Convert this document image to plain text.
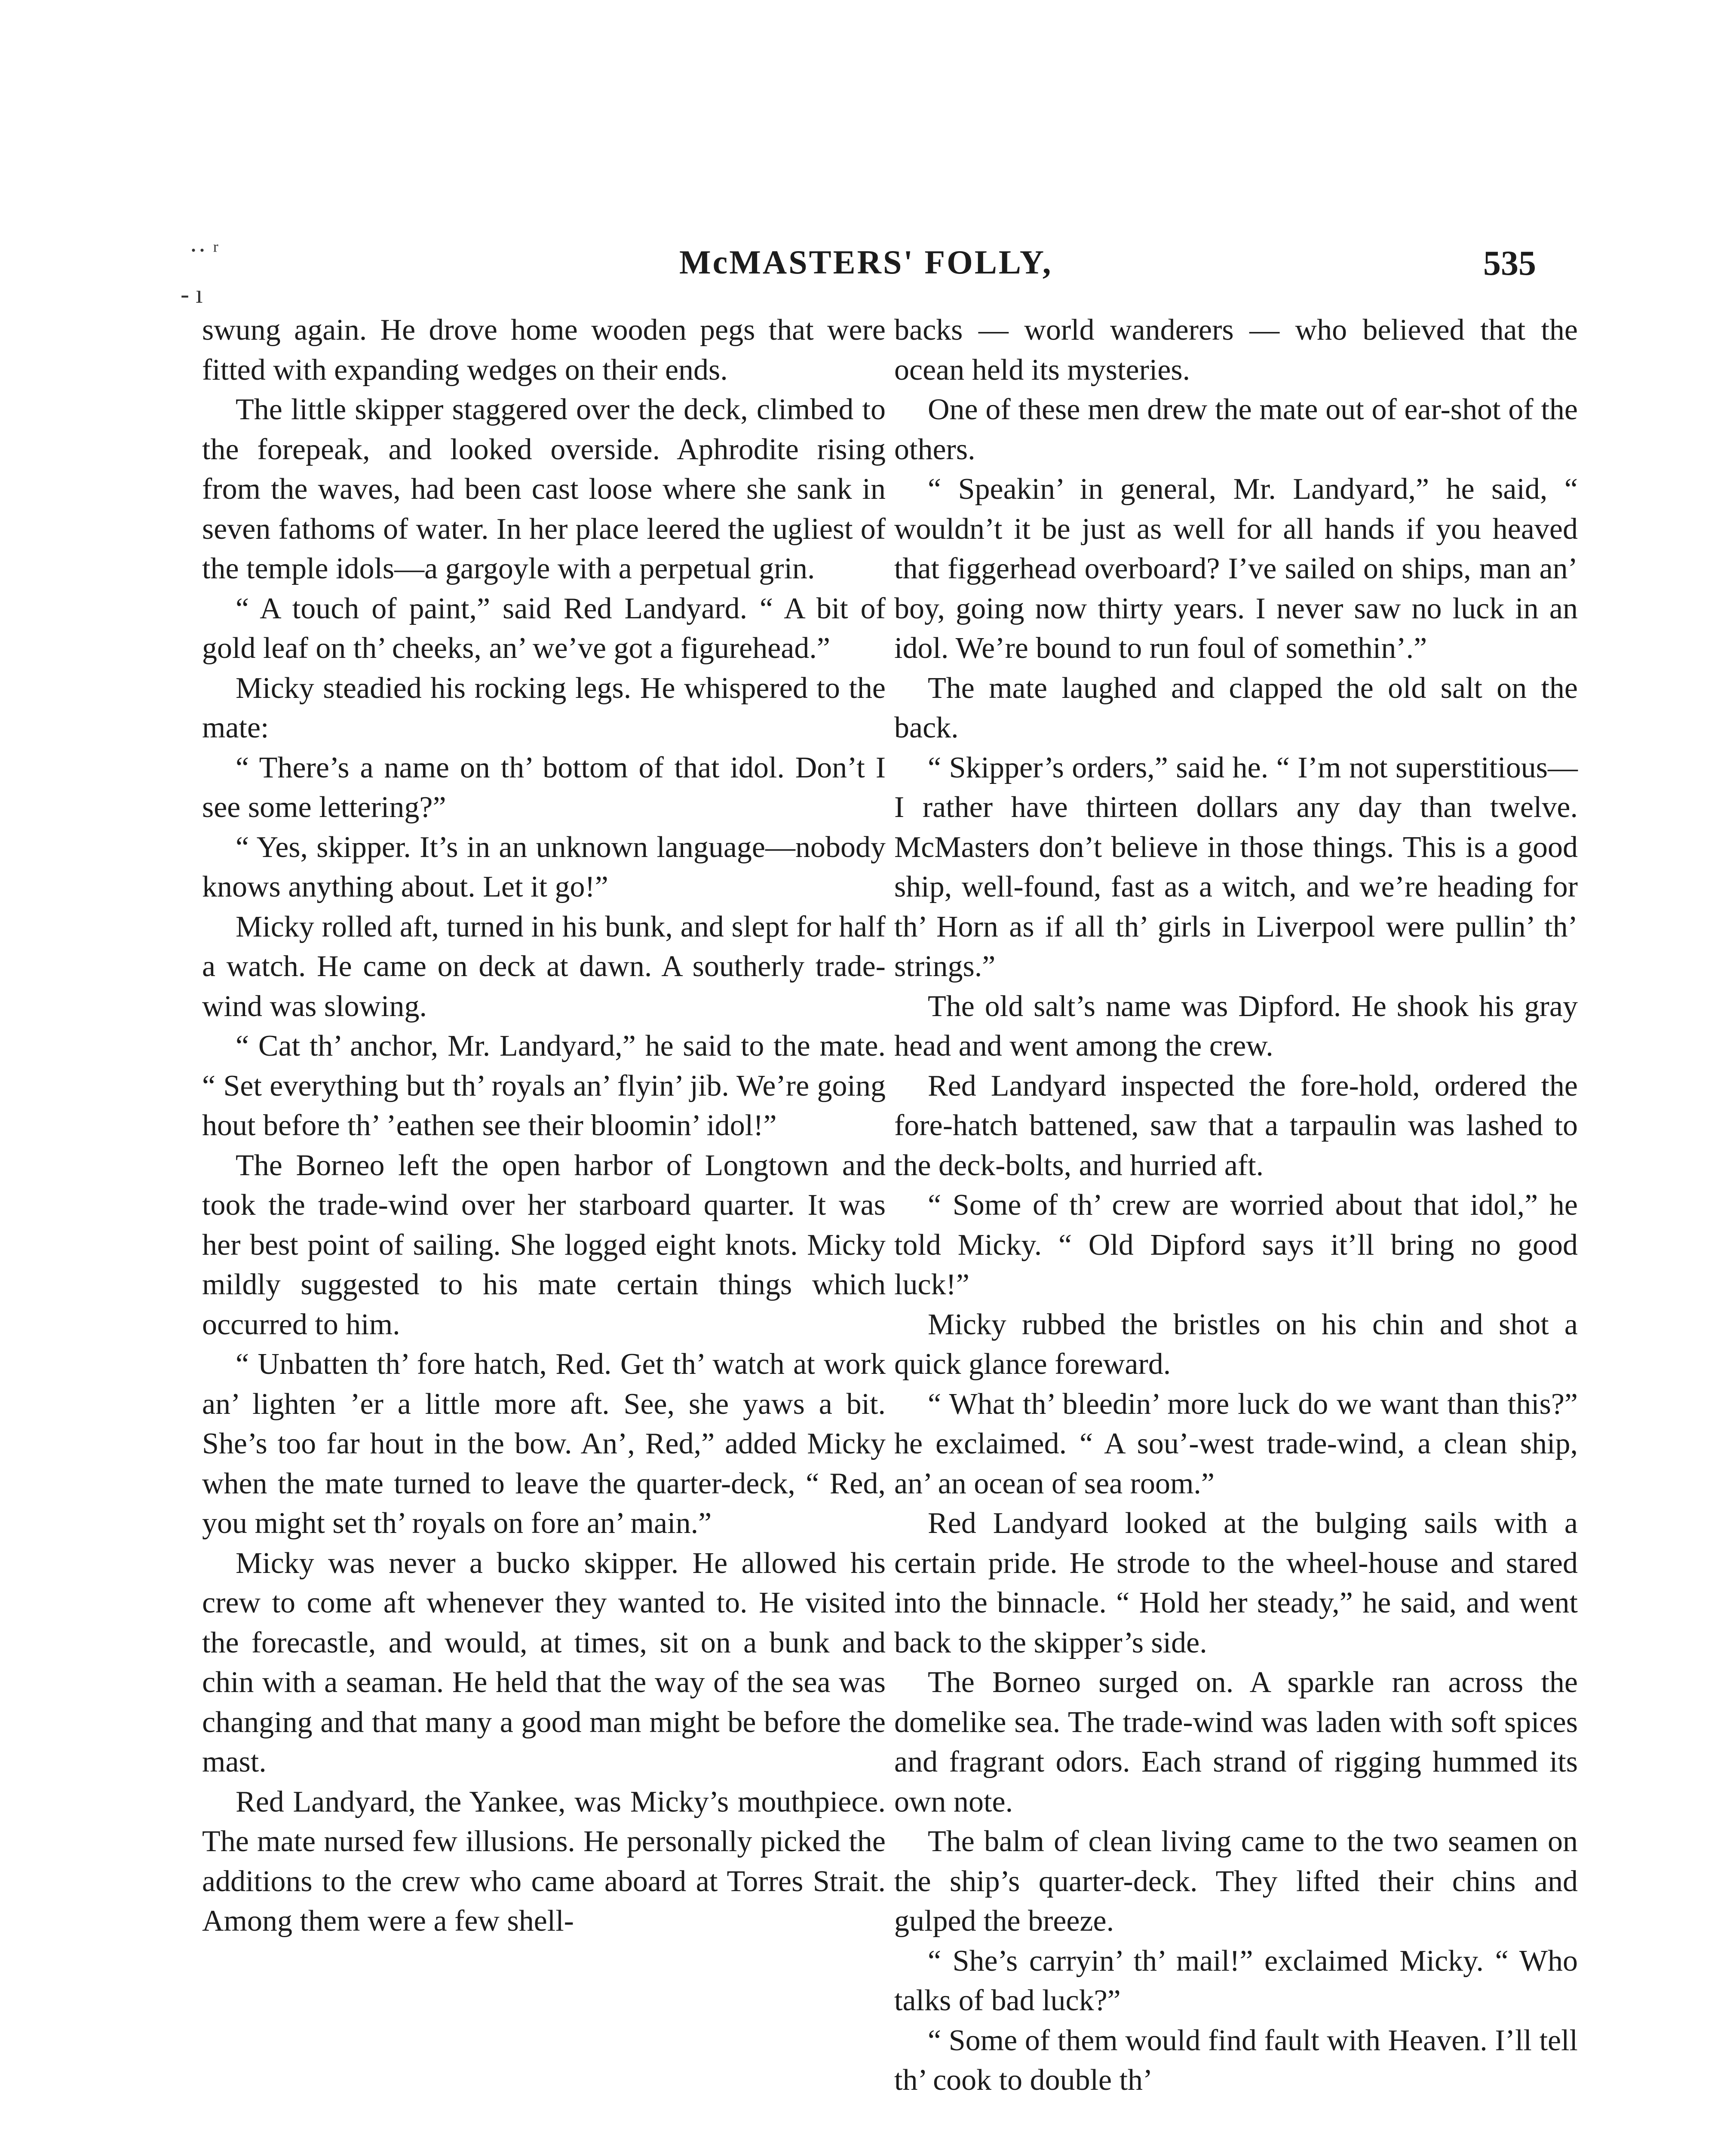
McMASTERS' FOLLY,	535
·· ʳ
- ı

swung again. He drove home wooden pegs that were fitted with expanding wedges on their ends.

The little skipper staggered over the deck, climbed to the forepeak, and looked overside. Aphrodite rising from the waves, had been cast loose where she sank in seven fathoms of water. In her place leered the ugliest of the temple idols—a gargoyle with a perpetual grin.

“ A touch of paint,” said Red Landyard. “ A bit of gold leaf on th’ cheeks, an’ we’ve got a figurehead.”

Micky steadied his rocking legs. He whispered to the mate:

“ There’s a name on th’ bottom of that idol. Don’t I see some lettering?”

“ Yes, skipper. It’s in an unknown language—nobody knows anything about. Let it go!”

Micky rolled aft, turned in his bunk, and slept for half a watch. He came on deck at dawn. A southerly trade-wind was slowing.

“ Cat th’ anchor, Mr. Landyard,” he said to the mate. “ Set everything but th’ royals an’ flyin’ jib. We’re going hout before th’ ’eathen see their bloomin’ idol!”

The Borneo left the open harbor of Longtown and took the trade-wind over her starboard quarter. It was her best point of sailing. She logged eight knots. Micky mildly suggested to his mate certain things which occurred to him.

“ Unbatten th’ fore hatch, Red. Get th’ watch at work an’ lighten ’er a little more aft. See, she yaws a bit. She’s too far hout in the bow. An’, Red,” added Micky when the mate turned to leave the quarter-deck, “ Red, you might set th’ royals on fore an’ main.”

Micky was never a bucko skipper. He allowed his crew to come aft whenever they wanted to. He visited the forecastle, and would, at times, sit on a bunk and chin with a seaman. He held that the way of the sea was changing and that many a good man might be before the mast.

Red Landyard, the Yankee, was Micky’s mouthpiece. The mate nursed few illusions. He personally picked the additions to the crew who came aboard at Torres Strait. Among them were a few shell-

backs — world wanderers — who believed that the ocean held its mysteries.

One of these men drew the mate out of ear-shot of the others.

“ Speakin’ in general, Mr. Landyard,” he said, “ wouldn’t it be just as well for all hands if you heaved that figgerhead overboard? I’ve sailed on ships, man an’ boy, going now thirty years. I never saw no luck in an idol. We’re bound to run foul of somethin’.”

The mate laughed and clapped the old salt on the back.

“ Skipper’s orders,” said he. “ I’m not superstitious—I rather have thirteen dollars any day than twelve. McMasters don’t believe in those things. This is a good ship, well-found, fast as a witch, and we’re heading for th’ Horn as if all th’ girls in Liverpool were pullin’ th’ strings.”

The old salt’s name was Dipford. He shook his gray head and went among the crew.

Red Landyard inspected the fore-hold, ordered the fore-hatch battened, saw that a tarpaulin was lashed to the deck-bolts, and hurried aft.

“ Some of th’ crew are worried about that idol,” he told Micky. “ Old Dipford says it’ll bring no good luck!”

Micky rubbed the bristles on his chin and shot a quick glance foreward.

“ What th’ bleedin’ more luck do we want than this?” he exclaimed. “ A sou’-west trade-wind, a clean ship, an’ an ocean of sea room.”

Red Landyard looked at the bulging sails with a certain pride. He strode to the wheel-house and stared into the binnacle. “ Hold her steady,” he said, and went back to the skipper’s side.

The Borneo surged on. A sparkle ran across the domelike sea. The trade-wind was laden with soft spices and fragrant odors. Each strand of rigging hummed its own note.

The balm of clean living came to the two seamen on the ship’s quarter-deck. They lifted their chins and gulped the breeze.

“ She’s carryin’ th’ mail!” exclaimed Micky. “ Who talks of bad luck?”

“ Some of them would find fault with Heaven. I’ll tell th’ cook to double th’
